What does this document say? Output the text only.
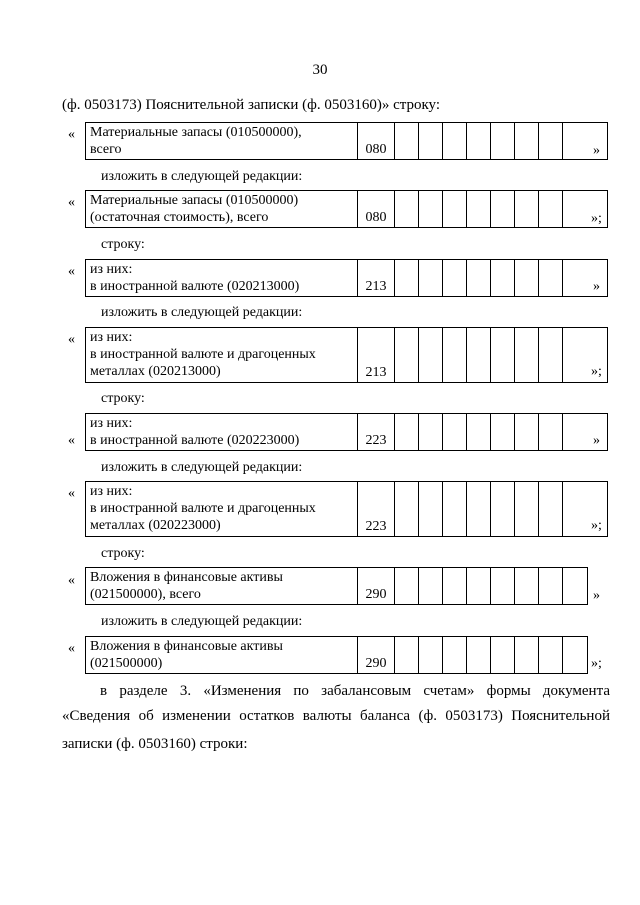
30
(ф. 0503173) Пояснительной записки (ф. 0503160)» строку:
« Материальные запасы (010500000),
всего	080	»
изложить в следующей редакции:
« Материальные запасы (010500000)
(остаточная стоимость), всего	080	»;
строку:
« из них:
в иностранной валюте (020213000)	213	»
изложить в следующей редакции:
« из них:
в иностранной валюте и драгоценных
металлах (020213000)	213	»;
строку:
«
из них:
в иностранной валюте (020223000)	223	»
изложить в следующей редакции:
« из них:
в иностранной валюте и драгоценных
металлах (020223000)	223	»;
строку:
« Вложения в финансовые активы
(021500000), всего	290	»
изложить в следующей редакции:
« Вложения в финансовые активы
(021500000)	290	»;
в разделе 3. «Изменения по забалансовым счетам» формы документа
«Сведения об изменении остатков валюты баланса (ф. 0503173) Пояснительной
записки (ф. 0503160) строки:
